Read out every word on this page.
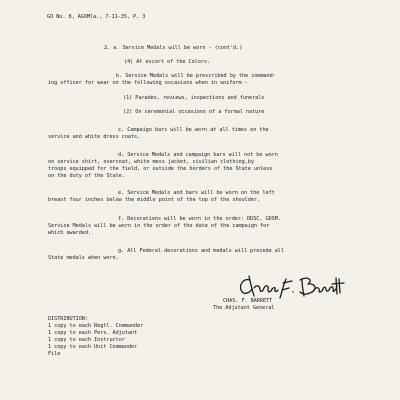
GO No. 8, AGOMla., 7-11-35, P. 3
2. a. Service Medals will be worn - (cont'd.)
(4) At escort of the Colors.
b. Service Medals will be prescribed by the command-
ing officer for wear on the following occasions when in uniform -
(1) Parades, reviews, inspections and funerals
(2) On ceremonial occasions of a formal nature
c. Campaign bars will be worn at all times on the
service and white dress coats.
d. Service Medals and campaign bars will not be worn
on service shirt, overcoat, white mess jacket, civilian clothing,by
troops equipped for the field, or outside the borders of the State unless
on the duty of the State.
e. Service Medals and bars will be worn on the left
breast four inches below the middle point of the top of the shoulder.
f. Decorations will be worn in the order: DDSC, GDSM.
Service Medals will be worn in the order of the date of the campaign for
which awarded.
g. All Federal decorations and medals will precede all
State medals when worn.
CHAS. F. BARRETT
The Adjutant General
DISTRIBUTION:
1 copy to each Regtl. Commander
1 copy to each Pers. Adjutant
1 copy to each Instructor
1 copy to each Unit Commander
File
